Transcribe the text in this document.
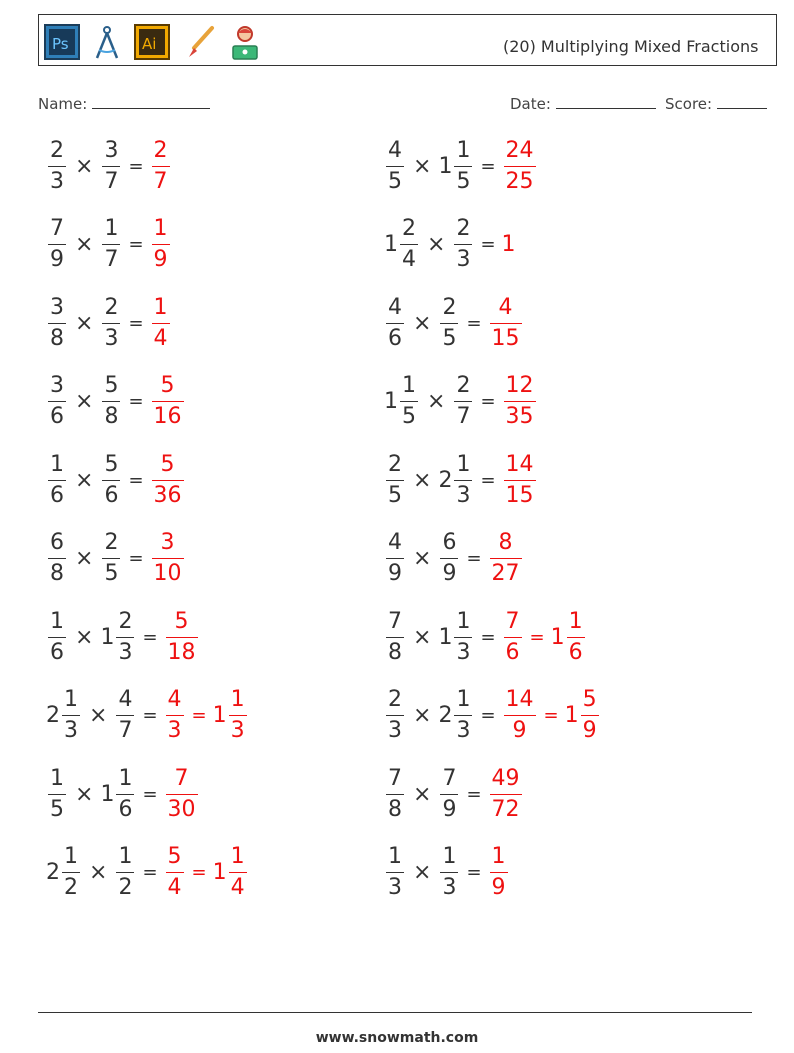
Ps	Ai	(20) Multiplying Mixed Fractions
Name:	Date:	Score:
$\frac{2}{3} \times \frac{3}{7} = \frac{2}{7}$	$\frac{4}{5} \times 1 \frac{1}{5} = \frac{24}{25}$
$\frac{7}{9} \times \frac{1}{7} = \frac{1}{9}$	$1 \frac{2}{4} \times \frac{2}{3} = 1$
$\frac{3}{8} \times \frac{2}{3} = \frac{1}{4}$	$\frac{4}{6} \times \frac{2}{5} = \frac{4}{15}$
$\frac{3}{6} \times \frac{5}{8} = \frac{5}{16}$	$1 \frac{1}{5} \times \frac{2}{7} = \frac{12}{35}$
$\frac{1}{6} \times \frac{5}{6} = \frac{5}{36}$	$\frac{2}{5} \times 2 \frac{1}{3} = \frac{14}{15}$
$\frac{6}{8} \times \frac{2}{5} = \frac{3}{10}$	$\frac{4}{9} \times \frac{6}{9} = \frac{8}{27}$
$\frac{1}{6} \times 1 \frac{2}{3} = \frac{5}{18}$	$\frac{7}{8} \times 1 \frac{1}{3} = \frac{7}{6} = 1 \frac{1}{6}$
$2 \frac{1}{3} \times \frac{4}{7} = \frac{4}{3} = 1 \frac{1}{3}$	$\frac{2}{3} \times 2 \frac{1}{3} = \frac{14}{9} = 1 \frac{5}{9}$
$\frac{1}{5} \times 1 \frac{1}{6} = \frac{7}{30}$	$\frac{7}{8} \times \frac{7}{9} = \frac{49}{72}$
$2 \frac{1}{2} \times \frac{1}{2} = \frac{5}{4} = 1 \frac{1}{4}$	$\frac{1}{3} \times \frac{1}{3} = \frac{1}{9}$
www.snowmath.com
